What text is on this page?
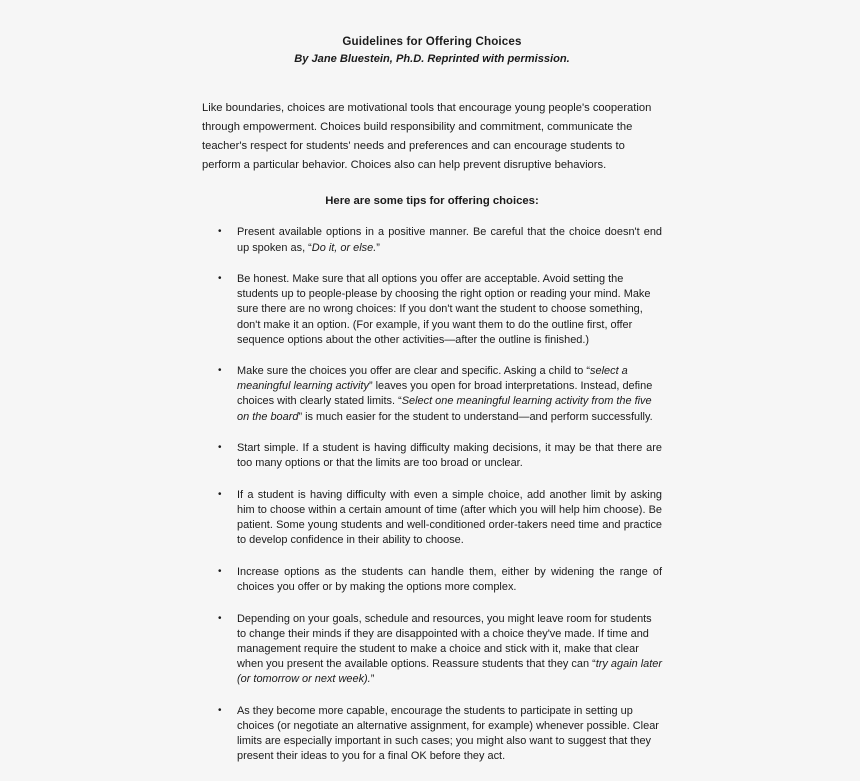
Guidelines for Offering Choices

By Jane Bluestein, Ph.D. Reprinted with permission.

Like boundaries, choices are motivational tools that encourage young people's cooperation through empowerment. Choices build responsibility and commitment, communicate the teacher's respect for students' needs and preferences and can encourage students to perform a particular behavior. Choices also can help prevent disruptive behaviors.

Here are some tips for offering choices:
• Present available options in a positive manner. Be careful that the choice doesn't end up spoken as, “Do it, or else.”
• Be honest. Make sure that all options you offer are acceptable. Avoid setting the students up to people-please by choosing the right option or reading your mind. Make sure there are no wrong choices: If you don't want the student to choose something, don't make it an option. (For example, if you want them to do the outline first, offer sequence options about the other activities—after the outline is finished.)
• Make sure the choices you offer are clear and specific. Asking a child to “select a meaningful learning activity” leaves you open for broad interpretations. Instead, define choices with clearly stated limits. “Select one meaningful learning activity from the five on the board” is much easier for the student to understand—and perform successfully.
• Start simple. If a student is having difficulty making decisions, it may be that there are too many options or that the limits are too broad or unclear.
• If a student is having difficulty with even a simple choice, add another limit by asking him to choose within a certain amount of time (after which you will help him choose). Be patient. Some young students and well-conditioned order-takers need time and practice to develop confidence in their ability to choose.
• Increase options as the students can handle them, either by widening the range of choices you offer or by making the options more complex.
• Depending on your goals, schedule and resources, you might leave room for students to change their minds if they are disappointed with a choice they've made. If time and management require the student to make a choice and stick with it, make that clear when you present the available options. Reassure students that they can “try again later (or tomorrow or next week).”
• As they become more capable, encourage the students to participate in setting up choices (or negotiate an alternative assignment, for example) whenever possible. Clear limits are especially important in such cases; you might also want to suggest that they present their ideas to you for a final OK before they act.
